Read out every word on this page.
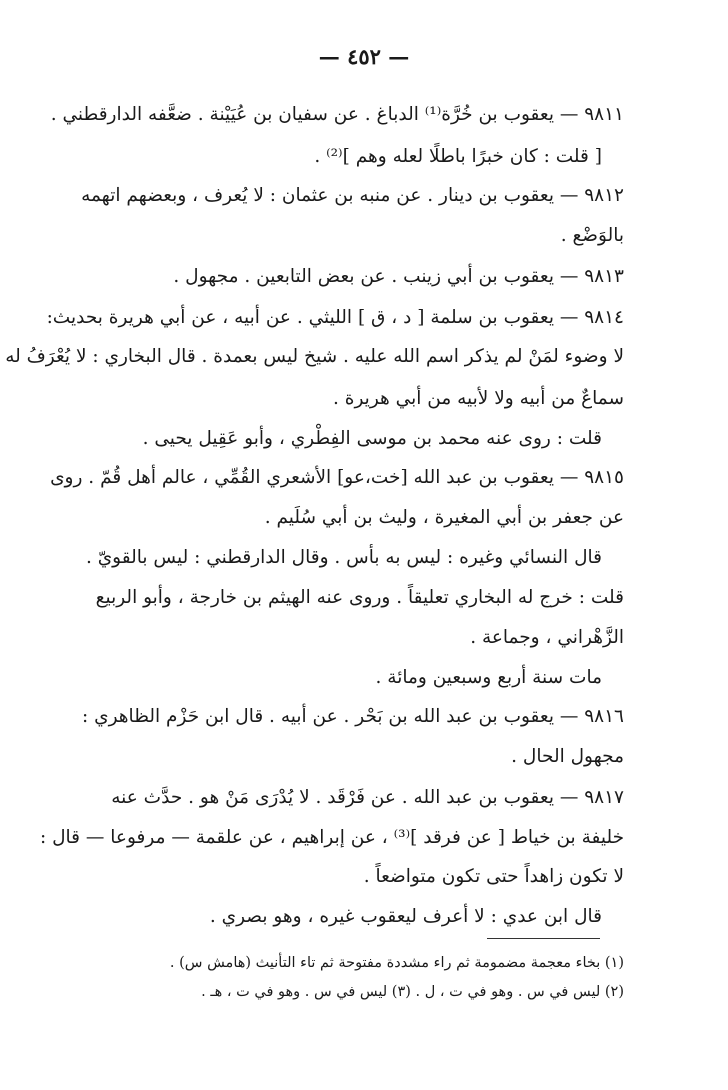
— ٤٥٢ —
٩٨١١ — يعقوب بن خُرَّة⁽¹⁾ الدباغ . عن سفيان بن عُيَيْنة . ضعَّفه الدارقطني .
[ قلت : كان خبرًا باطلًا لعله وهم ]⁽²⁾ .
٩٨١٢ — يعقوب بن دينار . عن منبه بن عثمان : لا يُعرف ، وبعضهم اتهمه
بالوَضْع .
٩٨١٣ — يعقوب بن أبي زينب . عن بعض التابعين . مجهول .
٩٨١٤ — يعقوب بن سلمة [ د ، ق ] الليثي . عن أبيه ، عن أبي هريرة بحديث:
لا وضوء لمَنْ لم يذكر اسم الله عليه . شيخ ليس بعمدة . قال البخاري : لا يُعْرَفُ له
سماعٌ من أبيه ولا لأبيه من أبي هريرة .
قلت : روى عنه محمد بن موسى الفِطْري ، وأبو عَقِيل يحيى .
٩٨١٥ — يعقوب بن عبد الله [خت،عو] الأشعري القُمِّي ، عالم أهل قُمّ . روى
عن جعفر بن أبي المغيرة ، وليث بن أبي سُلَيم .
قال النسائي وغيره : ليس به بأس . وقال الدارقطني : ليس بالقويّ .
قلت : خرج له البخاري تعليقاً . وروى عنه الهيثم بن خارجة ، وأبو الربيع
الزَّهْراني ، وجماعة .
مات سنة أربع وسبعين ومائة .
٩٨١٦ — يعقوب بن عبد الله بن بَحْر . عن أبيه . قال ابن حَزْم الظاهري :
مجهول الحال .
٩٨١٧ — يعقوب بن عبد الله . عن فَرْقَد . لا يُدْرَى مَنْ هو . حدَّث عنه
خليفة بن خياط [ عن فرقد ]⁽³⁾ ، عن إبراهيم ، عن علقمة — مرفوعا — قال :
لا تكون زاهداً حتى تكون متواضعاً .
قال ابن عدي : لا أعرف ليعقوب غيره ، وهو بصري .
(١) بخاء معجمة مضمومة ثم راء مشددة مفتوحة ثم تاء التأنيث (هامش س) .
(٢) ليس في س . وهو في ت ، ل . (٣) ليس في س . وهو في ت ، هـ .
